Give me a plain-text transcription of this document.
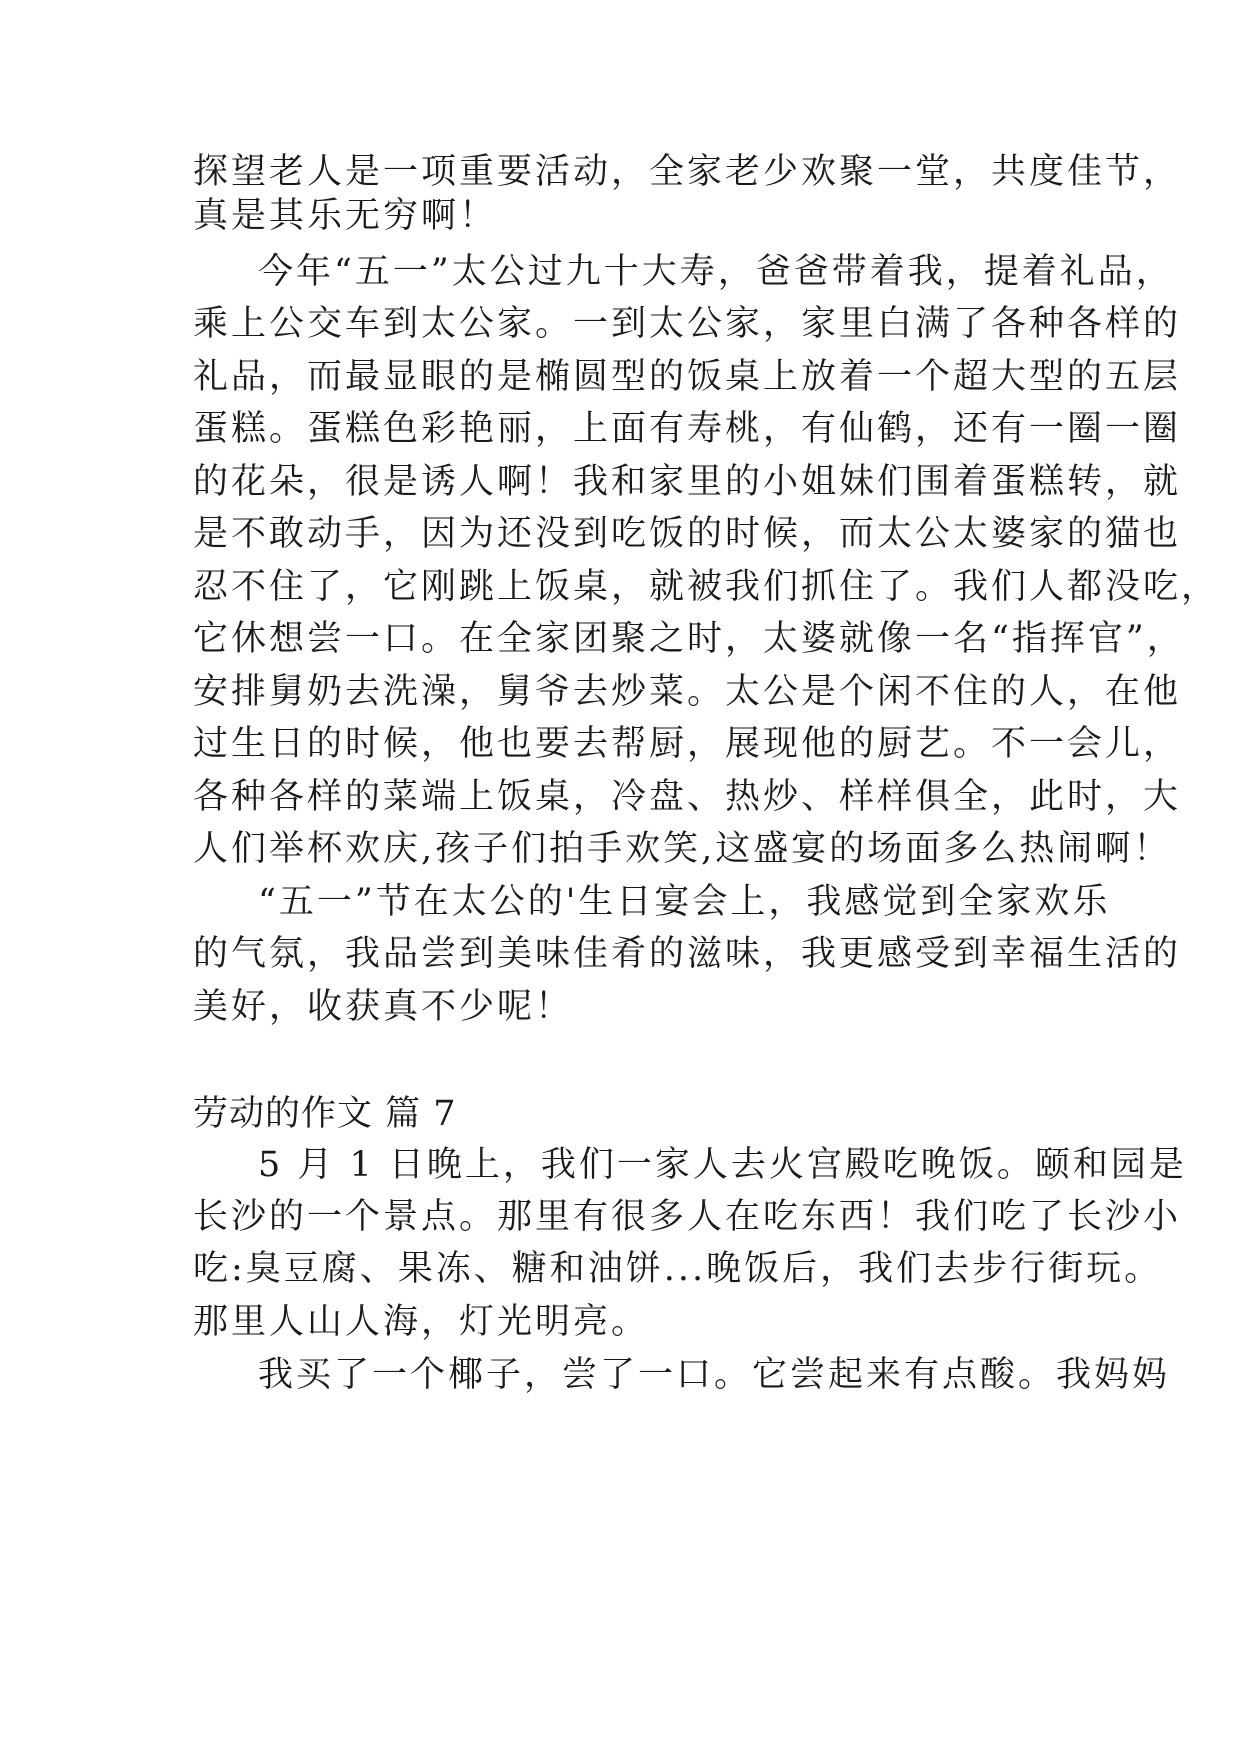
探望老人是一项重要活动，全家老少欢聚一堂，共度佳节，
真是其乐无穷啊！
今年“五一”太公过九十大寿，爸爸带着我，提着礼品，
乘上公交车到太公家。一到太公家，家里白满了各种各样的
礼品，而最显眼的是椭圆型的饭桌上放着一个超大型的五层
蛋糕。蛋糕色彩艳丽，上面有寿桃，有仙鹤，还有一圈一圈
的花朵，很是诱人啊！我和家里的小姐妹们围着蛋糕转，就
是不敢动手，因为还没到吃饭的时候，而太公太婆家的猫也
忍不住了，它刚跳上饭桌，就被我们抓住了。我们人都没吃，
它休想尝一口。在全家团聚之时，太婆就像一名“指挥官”，
安排舅奶去洗澡，舅爷去炒菜。太公是个闲不住的人，在他
过生日的时候，他也要去帮厨，展现他的厨艺。不一会儿，
各种各样的菜端上饭桌，冷盘、热炒、样样俱全，此时，大
人们举杯欢庆,孩子们拍手欢笑,这盛宴的场面多么热闹啊！
“五一”节在太公的'生日宴会上，我感觉到全家欢乐
的气氛，我品尝到美味佳肴的滋味，我更感受到幸福生活的
美好，收获真不少呢！
劳动的作文 篇 7
5 月 1 日晚上，我们一家人去火宫殿吃晚饭。颐和园是
长沙的一个景点。那里有很多人在吃东西！我们吃了长沙小
吃:臭豆腐、果冻、糖和油饼...晚饭后，我们去步行街玩。
那里人山人海，灯光明亮。
我买了一个椰子，尝了一口。它尝起来有点酸。我妈妈
